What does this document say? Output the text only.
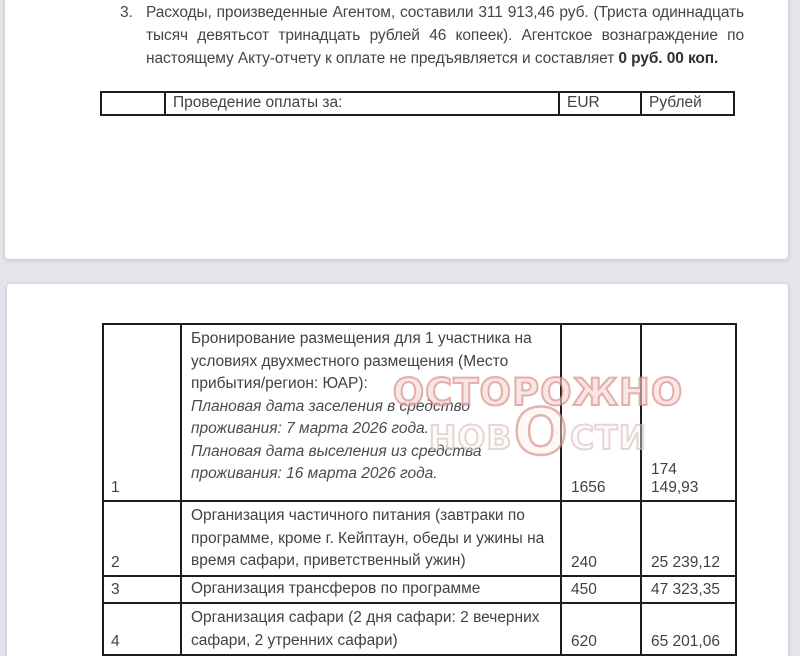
3. Расходы, произведенные Агентом, составили 311 913,46 руб. (Триста одиннадцать тысяч девятьсот тринадцать рублей 46 копеек). Агентское вознаграждение по настоящему Акту-отчету к оплате не предъявляется и составляет 0 руб. 00 коп.
	Проведение оплаты за:	EUR	Рублей
1	Бронирование размещения для 1 участника на условиях двухместного размещения (Место прибытия/регион: ЮАР):
Плановая дата заселения в средство проживания: 7 марта 2026 года.
Плановая дата выселения из средства проживания: 16 марта 2026 года.	1656	174 149,93
2	Организация частичного питания (завтраки по программе, кроме г. Кейптаун, обеды и ужины на время сафари, приветственный ужин)	240	25 239,12
3	Организация трансферов по программе	450	47 323,35
4	Организация сафари (2 дня сафари: 2 вечерних сафари, 2 утренних сафари)	620	65 201,06
ОСТОРОЖНО
НОВ О СТИ
